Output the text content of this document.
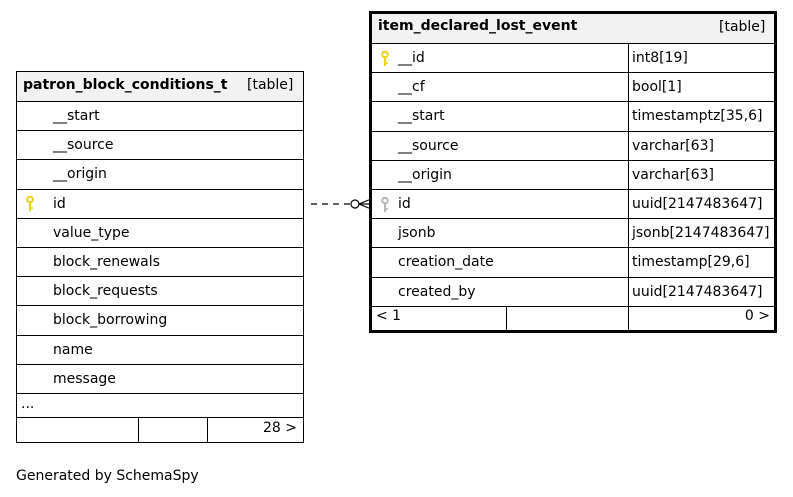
patron_block_conditions_t [table]
__start
__source
__origin
id
value_type
block_renewals
block_requests
block_borrowing
name
message
...
28 >
item_declared_lost_event	[table]
__id	int8[19]
__cf	bool[1]
__start	timestamptz[35,6]
__source	varchar[63]
__origin	varchar[63]
id	uuid[2147483647]
jsonb	jsonb[2147483647]
creation_date	timestamp[29,6]
created_by	uuid[2147483647]
< 1	0 >
Generated by SchemaSpy
